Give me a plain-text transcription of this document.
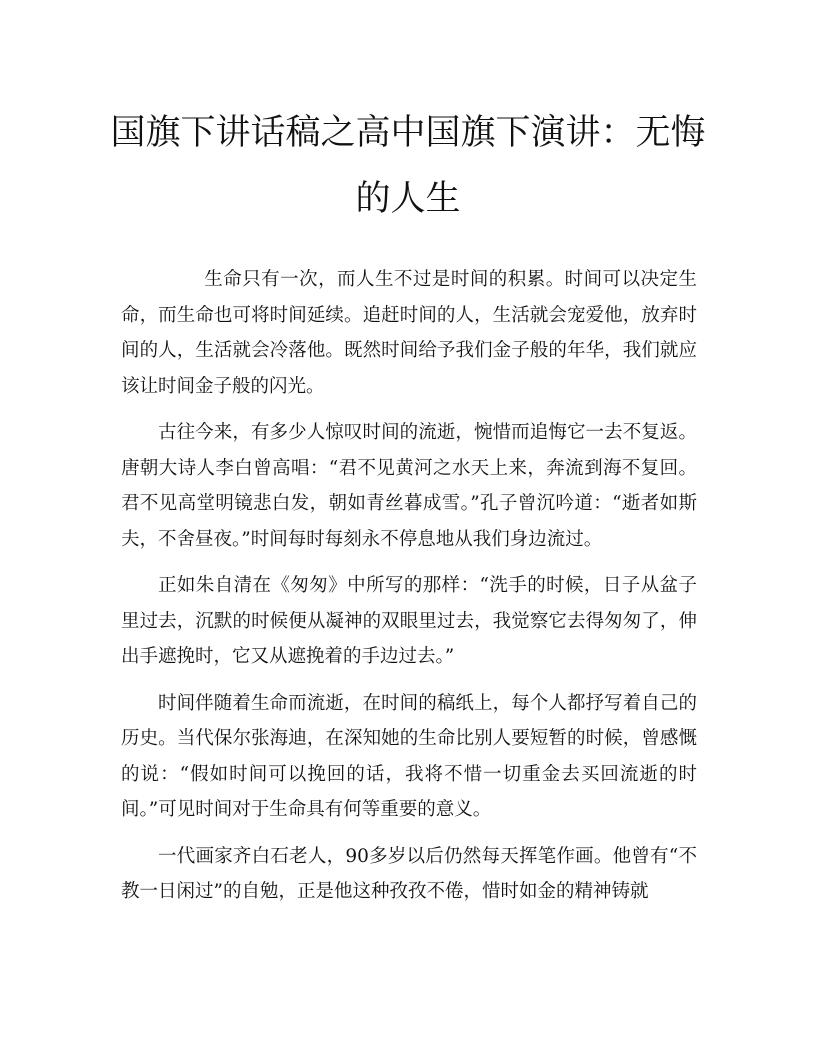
国旗下讲话稿之高中国旗下演讲：无悔的人生

生命只有一次，而人生不过是时间的积累。时间可以决定生命，而生命也可将时间延续。追赶时间的人，生活就会宠爱他，放弃时间的人，生活就会冷落他。既然时间给予我们金子般的年华，我们就应该让时间金子般的闪光。

古往今来，有多少人惊叹时间的流逝，惋惜而追悔它一去不复返。唐朝大诗人李白曾高唱：“君不见黄河之水天上来，奔流到海不复回。君不见高堂明镜悲白发，朝如青丝暮成雪。”孔子曾沉吟道：“逝者如斯夫，不舍昼夜。”时间每时每刻永不停息地从我们身边流过。

正如朱自清在《匆匆》中所写的那样：“洗手的时候，日子从盆子里过去，沉默的时候便从凝神的双眼里过去，我觉察它去得匆匆了，伸出手遮挽时，它又从遮挽着的手边过去。”

时间伴随着生命而流逝，在时间的稿纸上，每个人都抒写着自己的历史。当代保尔张海迪，在深知她的生命比别人要短暂的时候，曾感慨的说：“假如时间可以挽回的话，我将不惜一切重金去买回流逝的时间。”可见时间对于生命具有何等重要的意义。

一代画家齐白石老人，90多岁以后仍然每天挥笔作画。他曾有“不教一日闲过”的自勉，正是他这种孜孜不倦，惜时如金的精神铸就
